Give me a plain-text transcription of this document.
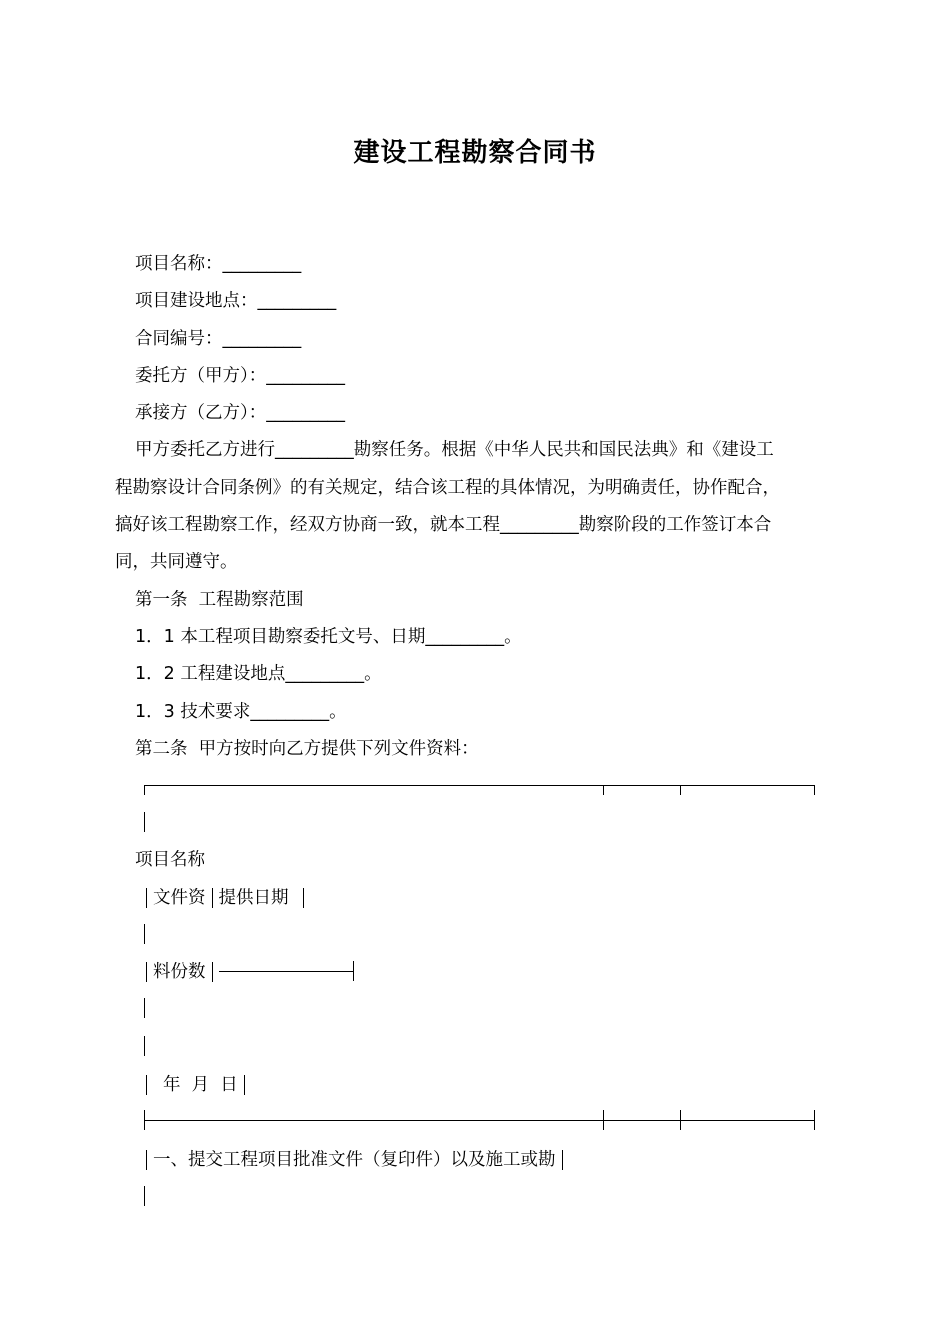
建设工程勘察合同书
项目名称：_________
项目建设地点：_________
合同编号：_________
委托方（甲方）：_________
承接方（乙方）：_________
甲方委托乙方进行_________勘察任务。根据《中华人民共和国民法典》和《建设工
程勘察设计合同条例》的有关规定，结合该工程的具体情况，为明确责任，协作配合，
搞好该工程勘察工作，经双方协商一致，就本工程_________勘察阶段的工作签订本合
同，共同遵守。
第一条  工程勘察范围
1．1 本工程项目勘察委托文号、日期_________。
1．2 工程建设地点_________。
1．3 技术要求_________。
第二条  甲方按时向乙方提供下列文件资料：
项目名称
文件资 提供日期
料份数
年  月  日
一、提交工程项目批准文件（复印件）以及施工或勘
